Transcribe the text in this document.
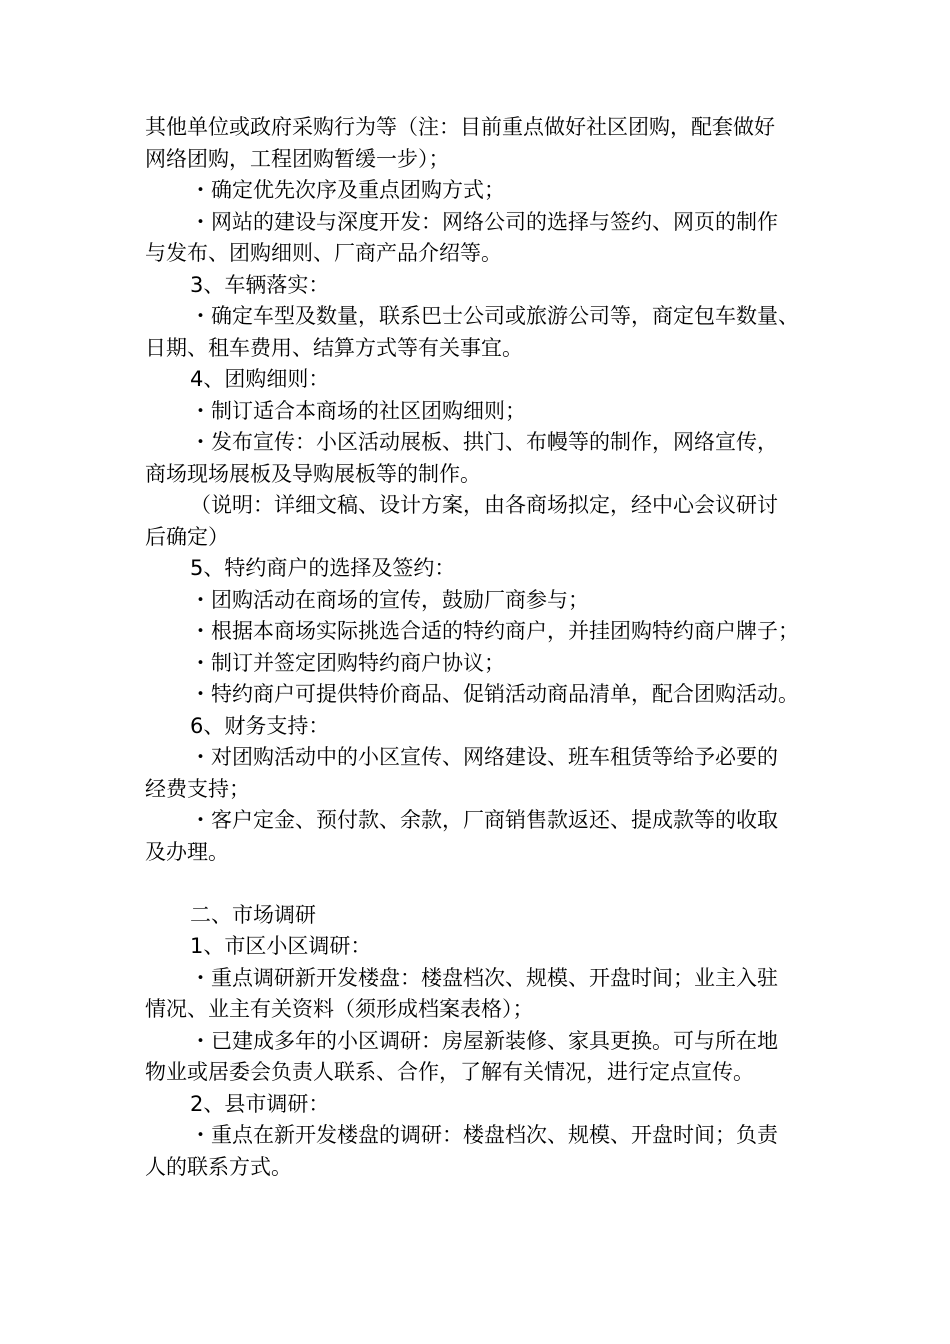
其他单位或政府采购行为等（注：目前重点做好社区团购，配套做好
网络团购，工程团购暂缓一步）；
・确定优先次序及重点团购方式；
・网站的建设与深度开发：网络公司的选择与签约、网页的制作
与发布、团购细则、厂商产品介绍等。
3、车辆落实：
・确定车型及数量，联系巴士公司或旅游公司等，商定包车数量、
日期、租车费用、结算方式等有关事宜。
4、团购细则：
・制订适合本商场的社区团购细则；
・发布宣传：小区活动展板、拱门、布幔等的制作，网络宣传，
商场现场展板及导购展板等的制作。
（说明：详细文稿、设计方案，由各商场拟定，经中心会议研讨
后确定）
5、特约商户的选择及签约：
・团购活动在商场的宣传，鼓励厂商参与；
・根据本商场实际挑选合适的特约商户，并挂团购特约商户牌子；
・制订并签定团购特约商户协议；
・特约商户可提供特价商品、促销活动商品清单，配合团购活动。
6、财务支持：
・对团购活动中的小区宣传、网络建设、班车租赁等给予必要的
经费支持；
・客户定金、预付款、余款，厂商销售款返还、提成款等的收取
及办理。
二、市场调研
1、市区小区调研：
・重点调研新开发楼盘：楼盘档次、规模、开盘时间；业主入驻
情况、业主有关资料（须形成档案表格）；
・已建成多年的小区调研：房屋新装修、家具更换。可与所在地
物业或居委会负责人联系、合作，了解有关情况，进行定点宣传。
2、县市调研：
・重点在新开发楼盘的调研：楼盘档次、规模、开盘时间；负责
人的联系方式。
